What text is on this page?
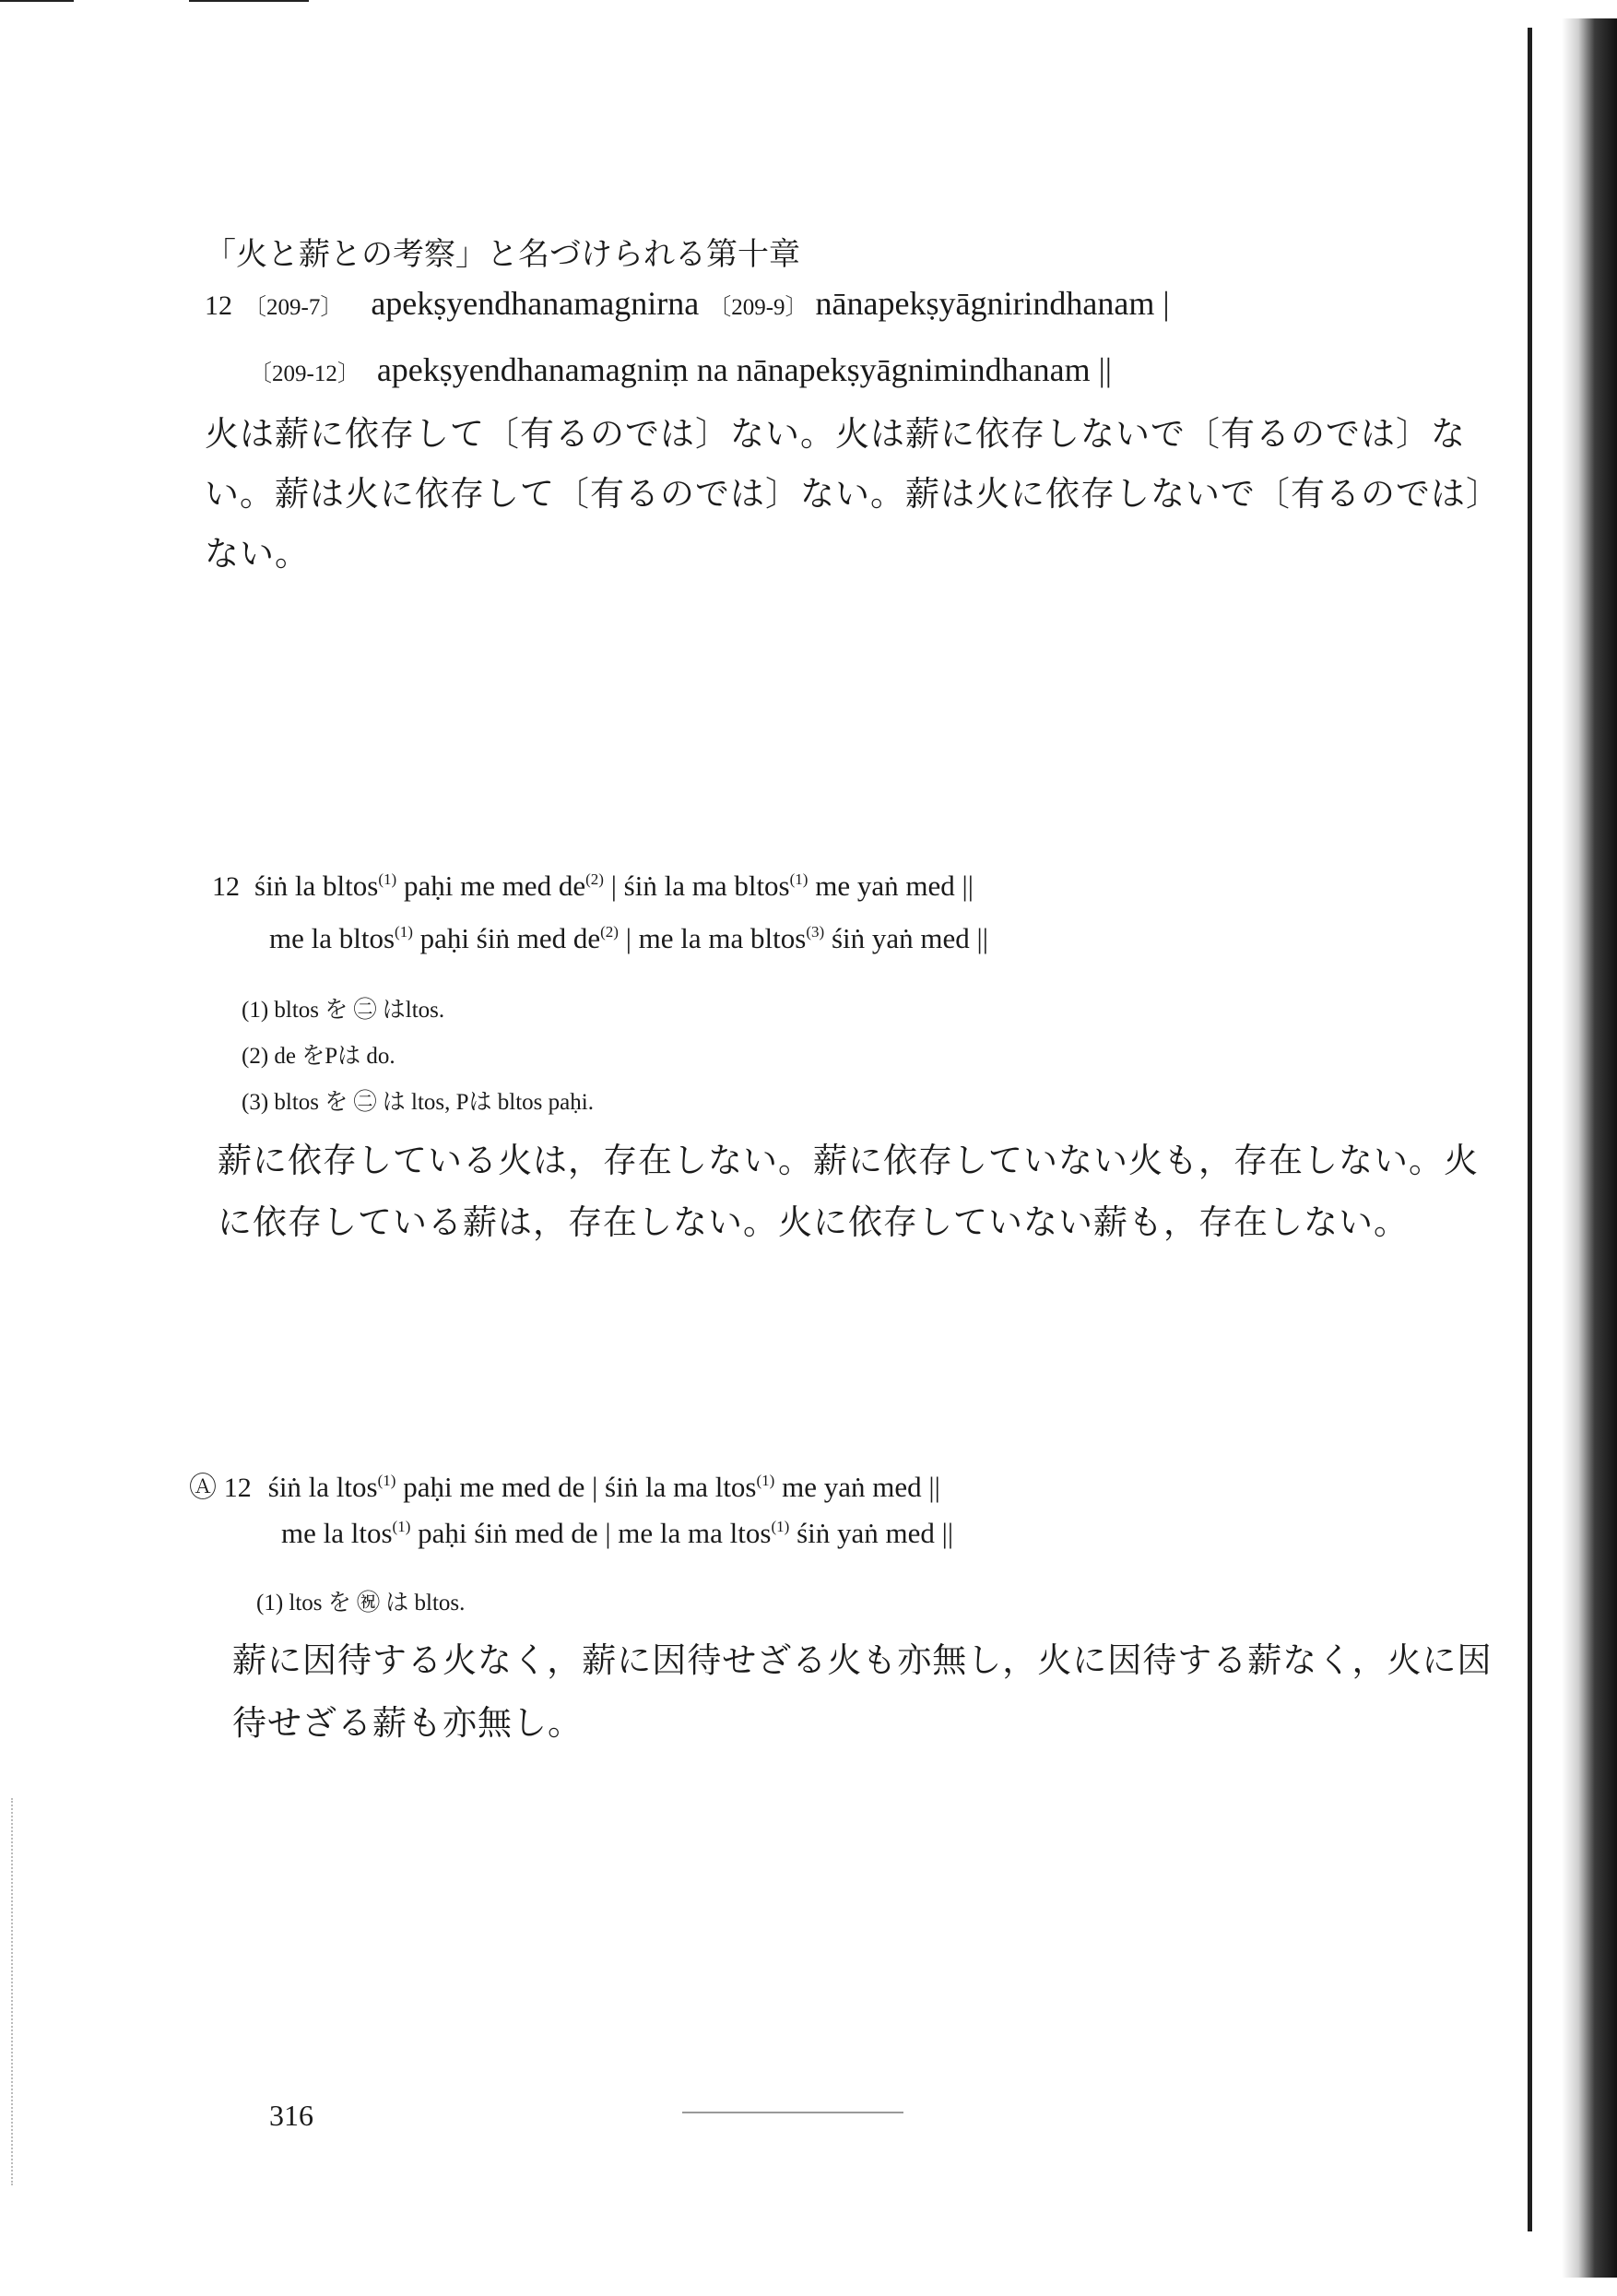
「火と薪との考察」と名づけられる第十章
12 〔209-7〕 apekṣyendhanamagnirna 〔209-9〕 nānapekṣyāgnirindhanam |
〔209-12〕 apekṣyendhanamagniṃ na nānapekṣyāgnimindhanam ||
火は薪に依存して〔有るのでは〕ない。火は薪に依存しないで〔有るのでは〕な
い。薪は火に依存して〔有るのでは〕ない。薪は火に依存しないで〔有るのでは〕
ない。
12 śiṅ la bltos$^{(1)}$ paḥi me med $de^{(2)}$ | śiṅ la ma bltos$^{(1)}$ me yaṅ med ||
me la bltos$^{(1)}$ paḥi śiṅ med $de^{(2)}$ | me la ma bltos$^{(3)}$ śiṅ yaṅ med ||
(1) bltos を ㊁ はltos.
(2) de をPは do.
(3) bltos を ㊁ は ltos, Pは bltos paḥi.
薪に依存している火は，存在しない。薪に依存していない火も，存在しない。火
に依存している薪は，存在しない。火に依存していない薪も，存在しない。
Ⓐ 12 śiṅ la ltos$^{(1)}$ paḥi me med de | śiṅ la ma ltos$^{(1)}$ me yaṅ med ||
me la ltos$^{(1)}$ paḥi śiṅ med de | me la ma ltos$^{(1)}$ śiṅ yaṅ med ||
(1) ltos を ㊗ は bltos.
薪に因待する火なく，薪に因待せざる火も亦無し，火に因待する薪なく，火に因
待せざる薪も亦無し。
316
